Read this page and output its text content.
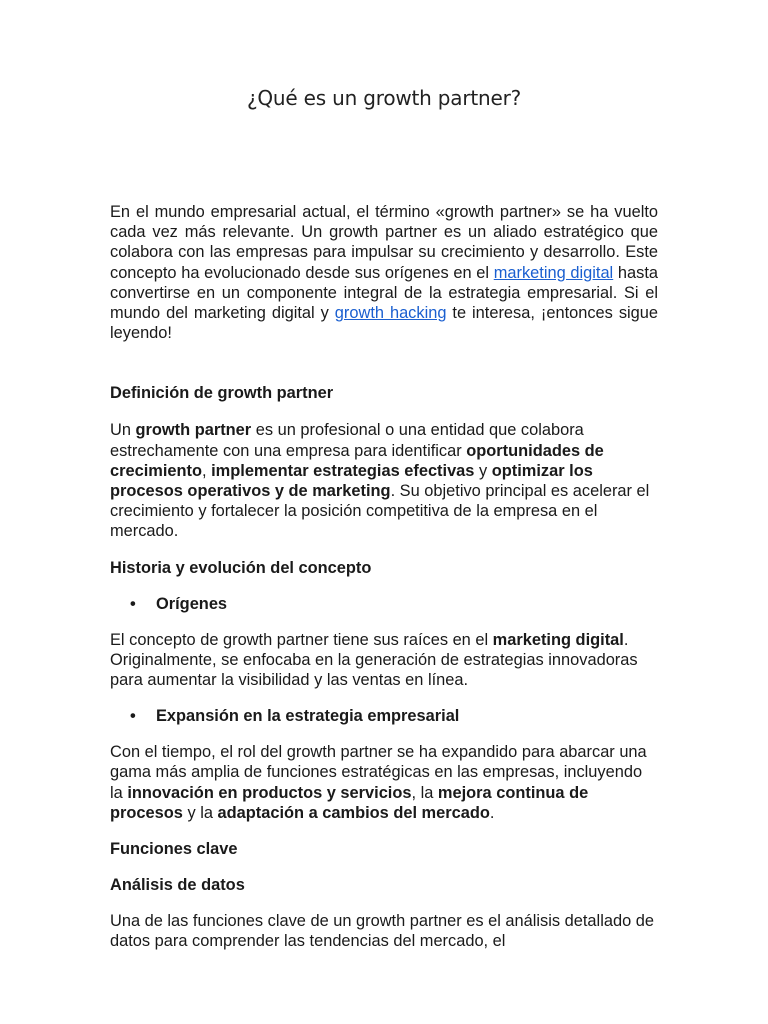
¿Qué es un growth partner?

En el mundo empresarial actual, el término «growth partner» se ha vuelto cada vez más relevante. Un growth partner es un aliado estratégico que colabora con las empresas para impulsar su crecimiento y desarrollo. Este concepto ha evolucionado desde sus orígenes en el marketing digital hasta convertirse en un componente integral de la estrategia empresarial. Si el mundo del marketing digital y growth hacking te interesa, ¡entonces sigue leyendo!

Definición de growth partner

Un growth partner es un profesional o una entidad que colabora estrechamente con una empresa para identificar oportunidades de crecimiento, implementar estrategias efectivas y optimizar los procesos operativos y de marketing. Su objetivo principal es acelerar el crecimiento y fortalecer la posición competitiva de la empresa en el mercado.

Historia y evolución del concepto
•	Orígenes

El concepto de growth partner tiene sus raíces en el marketing digital. Originalmente, se enfocaba en la generación de estrategias innovadoras para aumentar la visibilidad y las ventas en línea.

•	Expansión en la estrategia empresarial

Con el tiempo, el rol del growth partner se ha expandido para abarcar una gama más amplia de funciones estratégicas en las empresas, incluyendo la innovación en productos y servicios, la mejora continua de procesos y la adaptación a cambios del mercado.

Funciones clave
Análisis de datos

Una de las funciones clave de un growth partner es el análisis detallado de datos para comprender las tendencias del mercado, el
